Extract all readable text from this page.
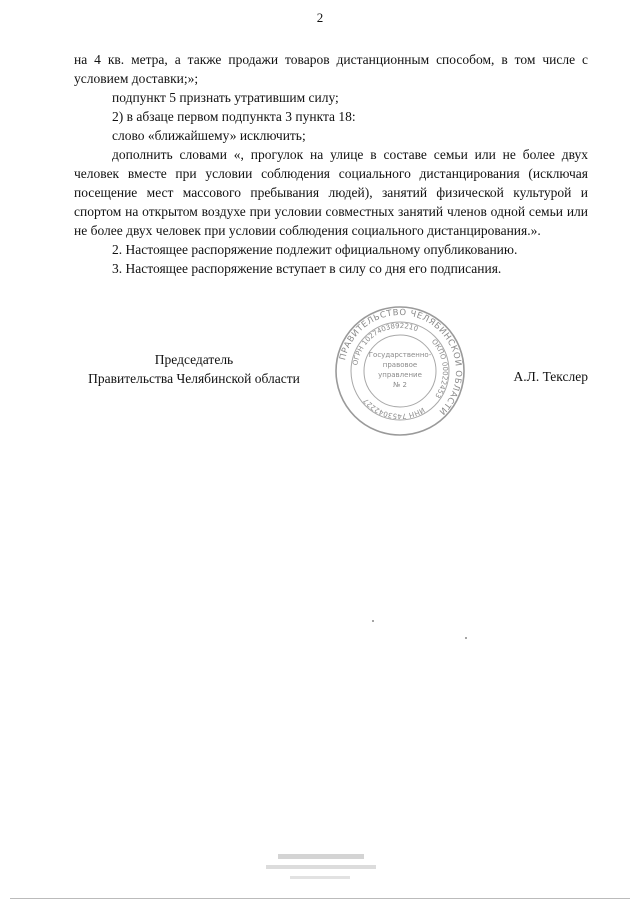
2

на 4 кв. метра, а также продажи товаров дистанционным способом, в том числе с условием доставки;»;

подпункт 5 признать утратившим силу;

2) в абзаце первом подпункта 3 пункта 18:

слово «ближайшему» исключить;

дополнить словами «, прогулок на улице в составе семьи или не более двух человек вместе при условии соблюдения социального дистанцирования (исключая посещение мест массового пребывания людей), занятий физической культурой и спортом на открытом воздухе при условии совместных занятий членов одной семьи или не более двух человек при условии соблюдения социального дистанцирования.».

2. Настоящее распоряжение подлежит официальному опубликованию.

3. Настоящее распоряжение вступает в силу со дня его подписания.

Председатель
Правительства Челябинской области
ПРАВИТЕЛЬСТВО ЧЕЛЯБИНСКОЙ ОБЛАСТИ
ОГРН 1027403892210
ОКПО 00022453
ИНН 7453042227
Государственно-
правовое
управление
№ 2
А.Л. Текслер
